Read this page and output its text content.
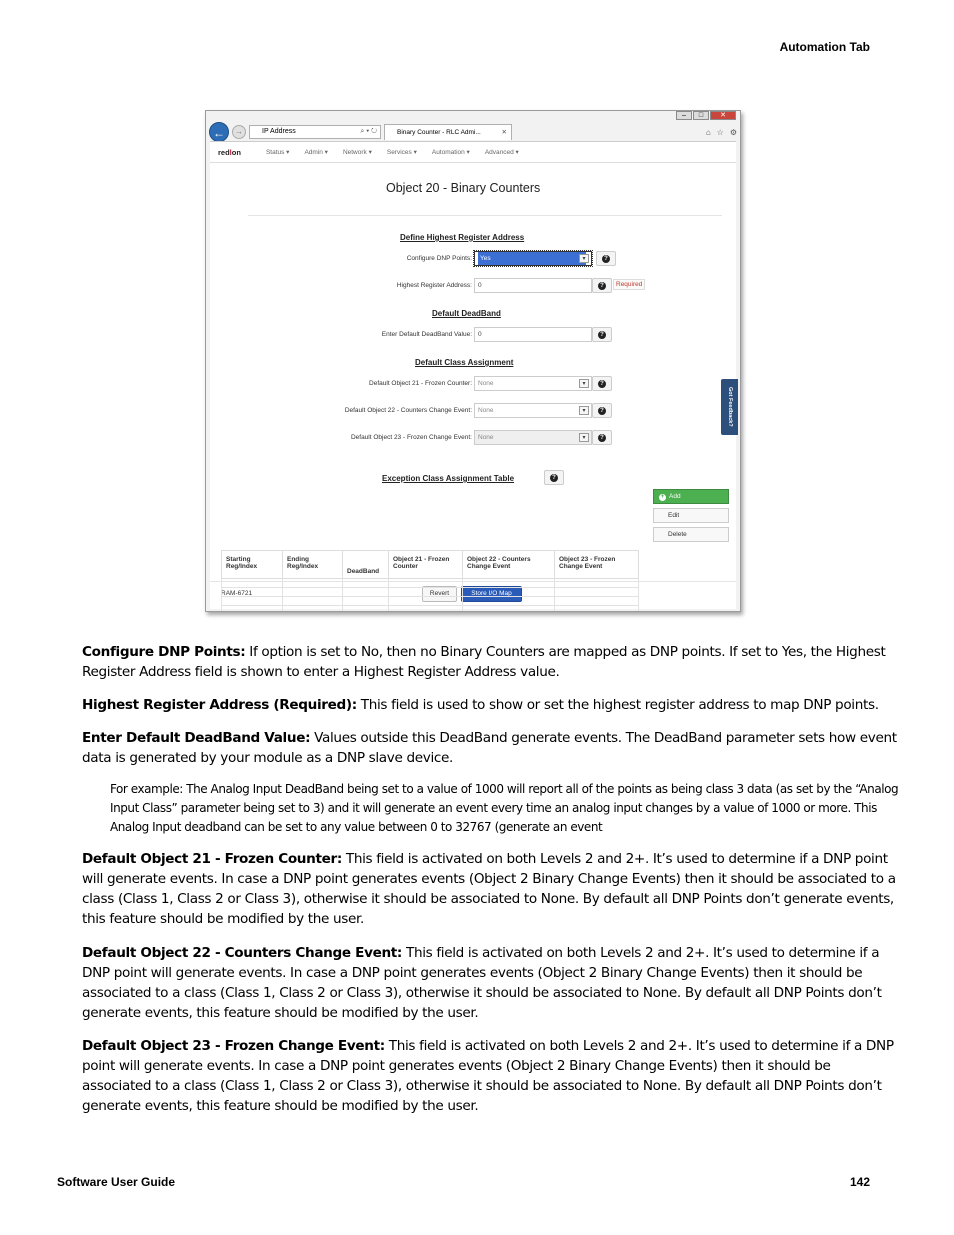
Automation Tab
–	□	✕
←	→	IP Address	⌕ ▾ ↻	Binary Counter - RLC Admi...	✕	⌂ ☆ ⚙
redlon	Status ▾ Admin ▾ Network ▾ Services ▾ Automation ▾ Advanced ▾
Object 20 - Binary Counters
Define Highest Register Address
Configure DNP Points:	Yes	▾	?
Highest Register Address: 0	?	Required
Default DeadBand
Enter Default DeadBand Value: 0	?
Default Class Assignment
Default Object 21 - Frozen Counter: None	▾	?
Default Object 22 - Counters Change Event: None	▾	?
Default Object 23 - Frozen Change Event: None	▾	?
Exception Class Assignment Table	?
Got Feedback?
+ Add
Edit
Delete
RAM-6721	Revert	Store I/O Map
Starting Reg/Index	Ending Reg/Index	DeadBand	Object 21 - Frozen Counter	Object 22 - Counters Change Event	Object 23 - Frozen Change Event

Configure DNP Points: If option is set to No, then no Binary Counters are mapped as DNP points. If set to Yes, the Highest Register Address field is shown to enter a Highest Register Address value.
Highest Register Address (Required): This field is used to show or set the highest register address to map DNP points.
Enter Default DeadBand Value: Values outside this DeadBand generate events. The DeadBand parameter sets how event data is generated by your module as a DNP slave device.
For example: The Analog Input DeadBand being set to a value of 1000 will report all of the points as being class 3 data (as set by the “Analog Input Class” parameter being set to 3) and it will generate an event every time an analog input changes by a value of 1000 or more. This Analog Input deadband can be set to any value between 0 to 32767 (generate an event
Default Object 21 - Frozen Counter: This field is activated on both Levels 2 and 2+. It’s used to determine if a DNP point will generate events. In case a DNP point generates events (Object 2 Binary Change Events) then it should be associated to a class (Class 1, Class 2 or Class 3), otherwise it should be associated to None. By default all DNP Points don’t generate events, this feature should be modified by the user.
Default Object 22 - Counters Change Event: This field is activated on both Levels 2 and 2+. It’s used to determine if a DNP point will generate events. In case a DNP point generates events (Object 2 Binary Change Events) then it should be associated to a class (Class 1, Class 2 or Class 3), otherwise it should be associated to None. By default all DNP Points don’t generate events, this feature should be modified by the user.
Default Object 23 - Frozen Change Event: This field is activated on both Levels 2 and 2+. It’s used to determine if a DNP point will generate events. In case a DNP point generates events (Object 2 Binary Change Events) then it should be associated to a class (Class 1, Class 2 or Class 3), otherwise it should be associated to None. By default all DNP Points don’t generate events, this feature should be modified by the user.
Software User Guide	142
